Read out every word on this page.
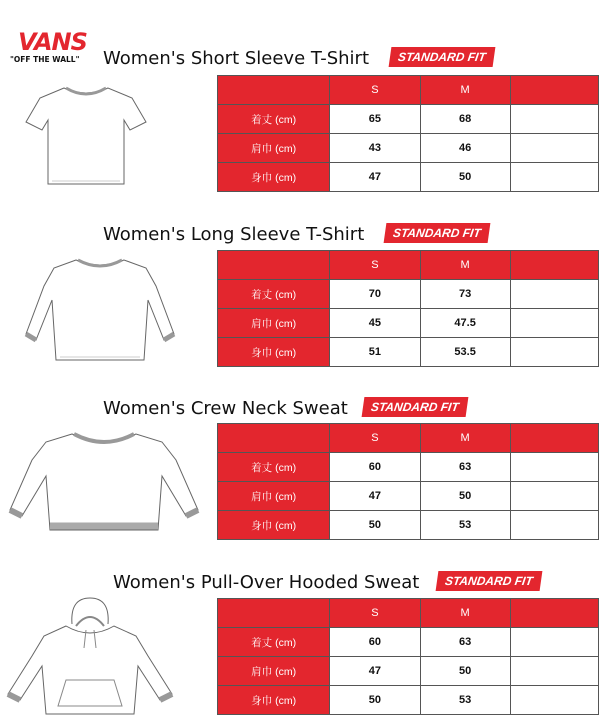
VANS
"OFF THE WALL"	Women's Short Sleeve T-Shirt	STANDARD FIT
	S	M	
着丈 (cm)	65	68	
肩巾 (cm)	43	46	
身巾 (cm)	47	50	
Women's Long Sleeve T-Shirt	STANDARD FIT
	S	M	
着丈 (cm)	70	73	
肩巾 (cm)	45	47.5	
身巾 (cm)	51	53.5	
Women's Crew Neck Sweat	STANDARD FIT
	S	M	
着丈 (cm)	60	63	
肩巾 (cm)	47	50	
身巾 (cm)	50	53	
Women's Pull-Over Hooded Sweat	STANDARD FIT
	S	M	
着丈 (cm)	60	63	
肩巾 (cm)	47	50	
身巾 (cm)	50	53	
